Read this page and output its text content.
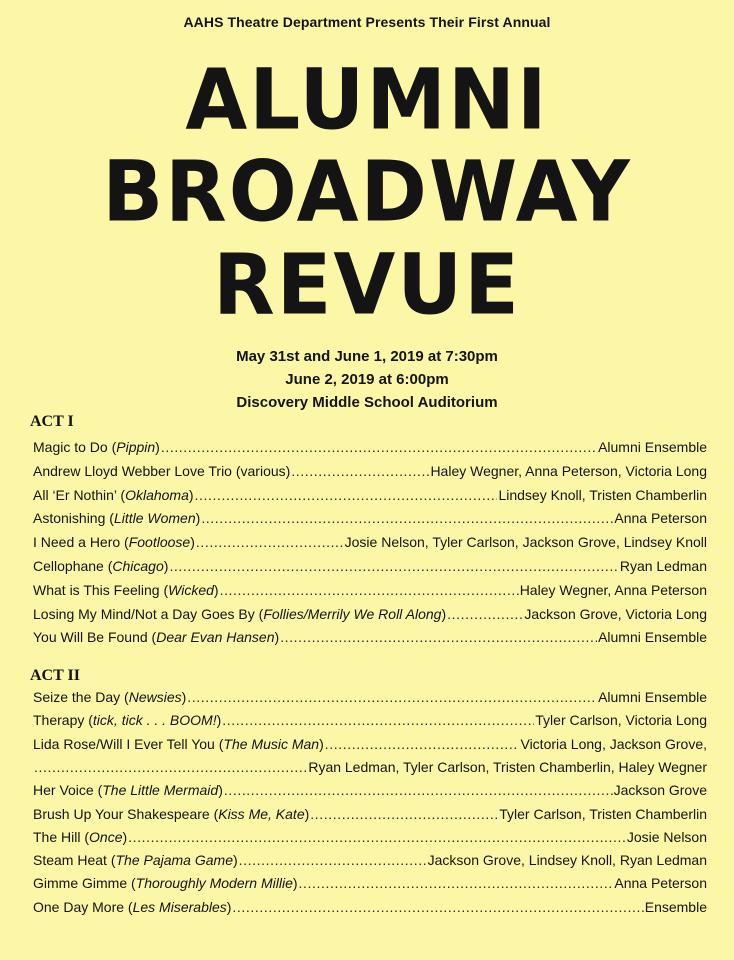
AAHS Theatre Department Presents Their First Annual
ALUMNI
BROADWAY
REVUE
May 31st and June 1, 2019 at 7:30pm
June 2, 2019 at 6:00pm
Discovery Middle School Auditorium
ACT I
Magic to Do (Pippin) .....	Alumni Ensemble
Andrew Lloyd Webber Love Trio (various) .....	Haley Wegner, Anna Peterson, Victoria Long
All ‘Er Nothin’ (Oklahoma) .....	Lindsey Knoll, Tristen Chamberlin
Astonishing (Little Women) .....	Anna Peterson
I Need a Hero (Footloose) .....	Josie Nelson, Tyler Carlson, Jackson Grove, Lindsey Knoll
Cellophane (Chicago) .....	Ryan Ledman
What is This Feeling (Wicked) .....	Haley Wegner, Anna Peterson
Losing My Mind/Not a Day Goes By (Follies/Merrily We Roll Along) .....	Jackson Grove, Victoria Long
You Will Be Found (Dear Evan Hansen) .....	Alumni Ensemble
ACT II
Seize the Day (Newsies) .....	Alumni Ensemble
Therapy (tick, tick . . . BOOM!) .....	Tyler Carlson, Victoria Long
Lida Rose/Will I Ever Tell You (The Music Man) .....	Victoria Long, Jackson Grove,
.....
Ryan Ledman, Tyler Carlson, Tristen Chamberlin, Haley Wegner
Her Voice (The Little Mermaid) .....	Jackson Grove
Brush Up Your Shakespeare (Kiss Me, Kate) .....	Tyler Carlson, Tristen Chamberlin
The Hill (Once) .....	Josie Nelson
Steam Heat (The Pajama Game) .....	Jackson Grove, Lindsey Knoll, Ryan Ledman
Gimme Gimme (Thoroughly Modern Millie) .....	Anna Peterson
One Day More (Les Miserables) .....	Ensemble
